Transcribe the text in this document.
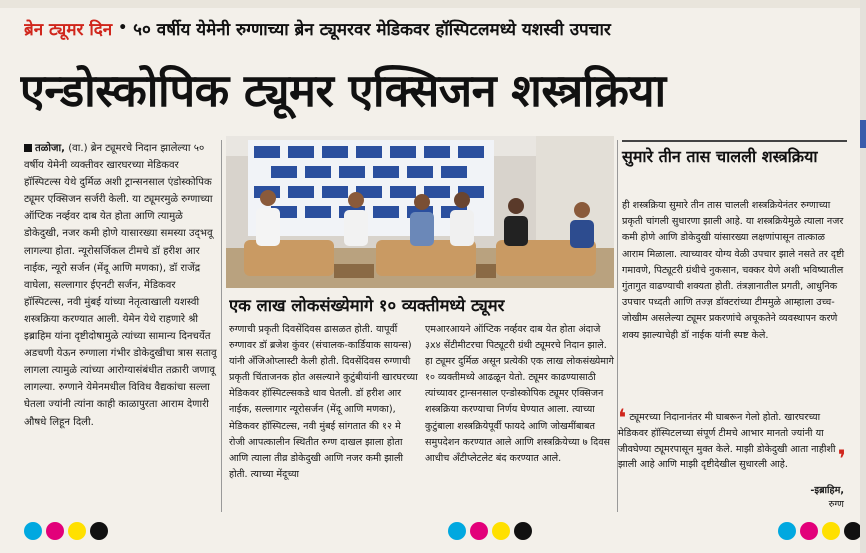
ब्रेन ट्यूमर दिन • ५० वर्षीय येमेनी रुग्णाच्या ब्रेन ट्यूमरवर मेडिकवर हॉस्पिटलमध्ये यशस्वी उपचार
एन्डोस्कोपिक ट्यूमर एक्सिजन शस्त्रक्रिया
तळोजा, (वा.) ब्रेन ट्यूमरचे निदान झालेल्या ५० वर्षीय येमेनी व्यक्तीवर खारघरच्या मेडिकवर हॉस्पिटल्स येथे दुर्मिळ अशी ट्रान्सनसाल एंडोस्कोपिक ट्यूमर एक्सिजन सर्जरी केली. या ट्यूमरमुळे रुग्णाच्या ऑप्टिक नर्व्हवर दाब येत होता आणि त्यामुळे डोकेदुखी, नजर कमी होणे यासारख्या समस्या उद्‌भवू लागल्या होता. न्यूरोसर्जिकल टीमचे डॉ हरीश आर नाईक, न्यूरो सर्जन (मेंदू आणि मणका), डॉ राजेंद्र वाघेला, सल्लागार ईएनटी सर्जन, मेडिकवर हॉस्पिटल्स, नवी मुंबई यांच्या नेतृत्वाखाली यशस्वी शस्त्रक्रिया करण्यात आली. येमेन येथे राहणारे श्री इब्राहिम यांना दृष्टीदोषामुळे त्यांच्या सामान्य दिनचर्येत अडचणी येऊन रुग्णाला गंभीर डोकेदुखीचा त्रास सतावू लागला त्यामुळे त्यांच्या आरोग्यासंबंधीत तक्रारी जणावू लागल्या. रुग्णाने येमेनमधील विविध वैद्यकांचा सल्ला घेतला ज्यांनी त्यांना काही काळापुरता आराम देणारी औषधे लिहून दिली.
एक लाख लोकसंख्येमागे १० व्यक्तीमध्ये ट्यूमर
रुग्णाची प्रकृती दिवसेंदिवस ढासळत होती. यापूर्वी रुग्णावर डॉ ब्रजेश कुंवर (संचालक-कार्डियाक सायन्स) यांनी अँजिओप्लास्टी केली होती. दिवसेंदिवस रुग्णाची प्रकृती चिंताजनक होत असल्याने कुटुंबीयांनी खारघरच्या मेडिकवर हॉस्पिटल्सकडे धाव घेतली. डॉ हरीश आर नाईक, सल्लागार न्यूरोसर्जन (मेंदू आणि मणका), मेडिकवर हॉस्पिटल्स, नवी मुंबई सांगतात की १२ मे रोजी आपत्कालीन स्थितीत रुग्ण दाखल झाला होता आणि त्याला तीव्र डोकेदुखी आणि नजर कमी झाली होती. त्याच्या मेंदूच्या
एमआरआयने ऑप्टिक नर्व्हवर दाब येत होता अंदाजे ३x४ सेंटीमीटरचा पिट्यूटरी ग्रंथी ट्यूमरचे निदान झाले. हा ट्यूमर दुर्मिळ असून प्रत्येकी एक लाख लोकसंख्येमागे १० व्यक्तीमध्ये आढळून येतो. ट्यूमर काढण्यासाठी त्यांच्यावर ट्रान्सनसाल एन्डोस्कोपिक ट्यूमर एक्सिजन शस्त्रक्रिया करण्याचा निर्णय घेण्यात आला. त्याच्या कुटुंबाला शस्त्रक्रियेपूर्वी फायदे आणि जोखमींबाबत समुपदेशन करण्यात आले आणि शस्त्रक्रियेच्या ७ दिवस आधीच अँटीप्लेटलेट बंद करण्यात आले.
सुमारे तीन तास चालली शस्त्रक्रिया
ही शस्त्रक्रिया सुमारे तीन तास चालली शस्त्रक्रियेनंतर रुग्णाच्या प्रकृती चांगली सुधारणा झाली आहे. या शस्त्रक्रियेमुळे त्याला नजर कमी होणे आणि डोकेदुखी यांसारख्या लक्षणांपासून तात्काळ आराम मिळाला. त्याच्यावर योग्य वेळी उपचार झाले नसते तर दृष्टी गमावणे, पिट्यूटरी ग्रंथीचे नुकसान, चक्कर येणे अशी भविष्यातील गुंतागुत वाढण्याची शक्यता होती. तंत्रज्ञानातील प्रगती, आधुनिक उपचार पध्दती आणि तज्ज्ञ डॉक्टरांच्या टीममुळे आम्हाला उच्च-जोखीम असलेल्या ट्यूमर प्रकरणांचे अचूकतेने व्यवस्थापन करणे शक्य झाल्याचेही डॉ नाईक यांनी स्पष्ट केले.
❛ ट्यूमरच्या निदानानंतर मी घाबरून गेलो होतो. खारघरच्या मेडिकवर हॉस्पिटलच्या संपूर्ण टीमचे आभार मानतो ज्यांनी या जीवघेण्या ट्यूमरपासून मुक्त केले. माझी डोकेदुखी आता नाहीशी झाली आहे आणि माझी दृष्टीदेखील सुधारली आहे. ❜
-इब्राहिम,
रुग्ण
